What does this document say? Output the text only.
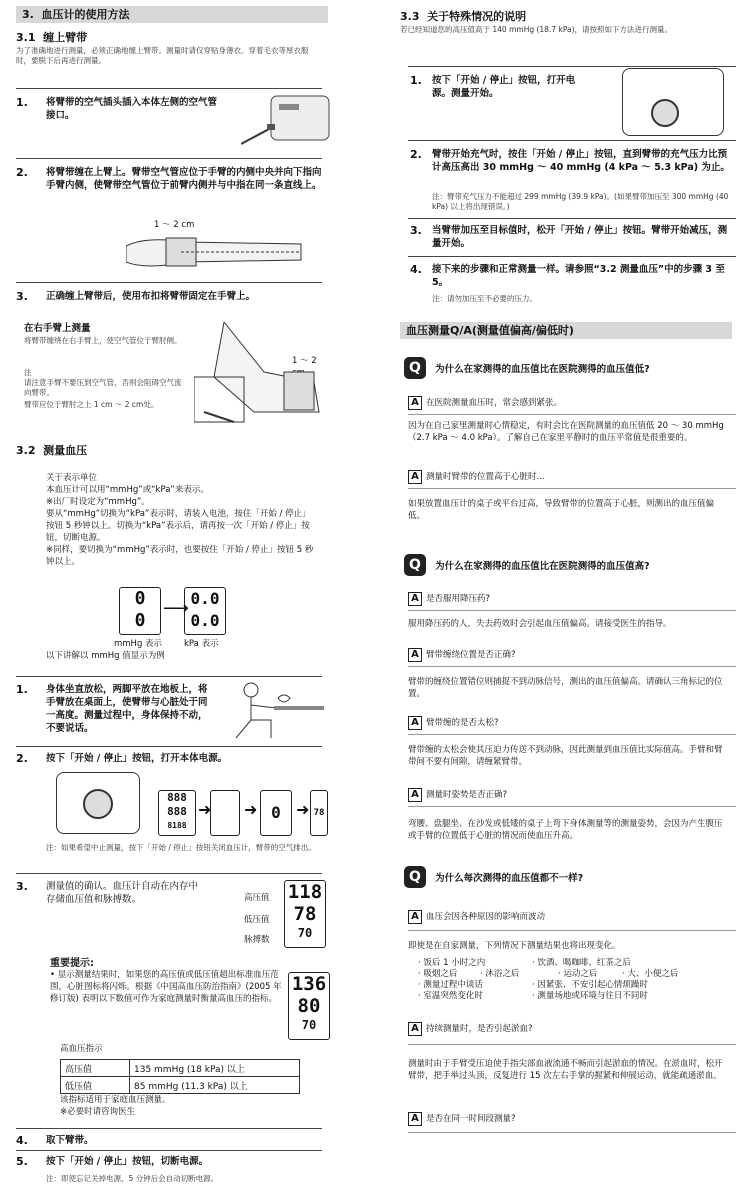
3. 血压计的使用方法
3.1 缠上臂带
为了准确地进行测量，必须正确地缠上臂带。测量时请仅穿贴身薄衣。穿着毛衣等厚衣服时，要脱下后再进行测量。
1. 将臂带的空气插头插入本体左侧的空气管接口。
2. 将臂带缠在上臂上。臂带空气管应位于手臂的内侧中央并向下指向手臂内侧，使臂带空气管位于前臂内侧并与中指在同一条直线上。
1 ～ 2 cm
3. 正确缠上臂带后，使用布扣将臂带固定在手臂上。
在右手臂上测量
将臂带缠绕在右手臂上，使空气管位于臂肘侧。
注
请注意手臂不要压到空气管，否则会阻碍空气流向臂带。
臂带应位于臂肘之上 1 cm ～ 2 cm处。
1 ～ 2
3.2 测量血压
关于表示单位
本血压计可以用“mmHg”或“kPa”来表示。
※出厂时设定为“mmHg”。
要从“mmHg”切换为“kPa”表示时，请装入电池，按住「开始 / 停止」按钮 5 秒钟以上。切换为“kPa”表示后，请再按一次「开始 / 停止」按钮，切断电源。
※同样，要切换为“mmHg”表示时，也要按住「开始 / 停止」按钮 5 秒钟以上。
0
0
⟶ 0.0
0.0
mmHg 表示	kPa 表示
以下讲解以 mmHg 值显示为例
1. 身体坐直放松，两脚平放在地板上，将手臂放在桌面上，使臂带与心脏处于同一高度。测量过程中，身体保持不动，不要说话。
2. 按下「开始 / 停止」按钮，打开本体电源。
888
888
8188
➜ ➜ 0 ➜ 78
注：如果希望中止测量，按下「开始 / 停止」按钮关闭血压计，臂带的空气排出。
3. 测量值的确认。血压计自动在内存中存储血压值和脉搏数。	高压值
低压值
脉搏数
118
78
70
重要提示:
• 显示测量结果时，如果您的高压值或低压值超出标准血压范围，心脏图标将闪烁。根据《中国高血压防治指南》(2005 年修订版) 表明以下数值可作为家庭测量时衡量高血压的指标。
136
80
70
高血压指示
高压值	135 mmHg (18 kPa) 以上
低压值	85 mmHg (11.3 kPa) 以上
该指标适用于家庭血压测量。
※必要时请咨询医生
4. 取下臂带。
5. 按下「开始 / 停止」按钮，切断电源。
注：即使忘记关掉电源，5 分钟后会自动切断电源。
3.3 关于特殊情况的说明
若已经知道您的高压值高于 140 mmHg (18.7 kPa)，请按照如下方法进行测量。
1. 按下「开始 / 停止」按钮，打开电源。测量开始。
2. 臂带开始充气时，按住「开始 / 停止」按钮，直到臂带的充气压力比预计高压高出 30 mmHg ～ 40 mmHg (4 kPa ～ 5.3 kPa) 为止。
注：臂带充气压力不能超过 299 mmHg (39.9 kPa)。(如果臂带加压至 300 mmHg (40 kPa) 以上将出现错误。)
3. 当臂带加压至目标值时，松开「开始 / 停止」按钮。臂带开始减压，测量开始。
4. 接下来的步骤和正常测量一样。请参照“3.2 测量血压”中的步骤 3 至 5。
注：请勿加压至不必要的压力。
血压测量Q/A(测量值偏高/偏低时)
Q 为什么在家测得的血压值比在医院测得的血压值低?
A 在医院测量血压时，常会感到紧张。
因为在自己家里测量时心情稳定，有时会比在医院测量的血压值低 20 ～ 30 mmHg（2.7 kPa ～ 4.0 kPa）。了解自己在家里平静时的血压平常值是很重要的。
A 测量时臂带的位置高于心脏时...
如果放置血压计的桌子或平台过高，导致臂带的位置高于心脏，则测出的血压值偏低。
Q 为什么在家测得的血压值比在医院测得的血压值高?
A 是否服用降压药?
服用降压药的人，失去药效时会引起血压值偏高。请接受医生的指导。
A 臂带缠绕位置是否正确?
臂带的缠绕位置错位则捕捉不到动脉信号，测出的血压值偏高。请确认三角标记的位置。
A 臂带缠的是否太松?
臂带缠的太松会使其压迫力传送不到动脉，因此测量到血压值比实际值高。手臂和臂带间不要有间隙，请缠紧臂带。
A 测量时姿势是否正确?
弯腰、盘腿坐、在沙发或低矮的桌子上弯下身体测量等的测量姿势，会因为产生腹压或手臂的位置低于心脏的情况而使血压升高。
Q 为什么每次测得的血压值都不一样?
A 血压会因各种原因的影响而波动
即使是在自家测量，下列情况下测量结果也将出现变化。
· 饭后 1 小时之内	· 饮酒、喝咖啡、红茶之后
· 吸烟之后	· 沐浴之后	· 运动之后	· 大、小便之后
· 测量过程中谈话	· 因紧张、不安引起心情烦躁时
· 室温突然变化时	· 测量场地或环境与往日不同时
A 持续测量时，是否引起淤血?
测量时由于手臂受压迫使手指尖部血液流通不畅而引起淤血的情况。在淤血时，松开臂带，把手举过头顶，反复进行 15 次左右手掌的握紧和伸展运动，就能疏通淤血。
A 是否在同一时间段测量?
